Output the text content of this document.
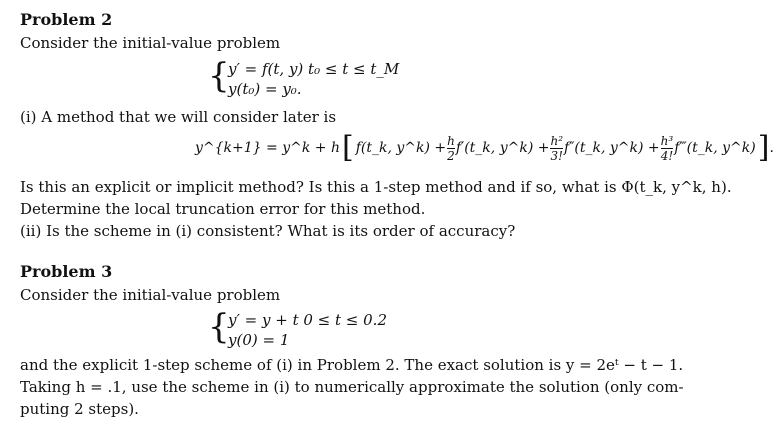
Problem 2
Consider the initial-value problem
{
y′ = f(t, y) t₀ ≤ t ≤ t_M
y(t₀) = y₀.
(i) A method that we will consider later is
y^{k+1} = y^k + h [ f(t_k, y^k) + $\frac{h}{2}$ f′(t_k, y^k) + $\frac{\text{h²}}{3!}$ f″(t_k, y^k) + $\frac{\text{h³}}{4!}$ f‴(t_k, y^k) ] .
Is this an explicit or implicit method? Is this a 1-step method and if so, what is Φ(t_k, y^k, h).
Determine the local truncation error for this method.
(ii) Is the scheme in (i) consistent? What is its order of accuracy?
Problem 3
Consider the initial-value problem
{
y′ = y + t 0 ≤ t ≤ 0.2
y(0) = 1
and the explicit 1-step scheme of (i) in Problem 2. The exact solution is y = 2eᵗ − t − 1.
Taking h = .1, use the scheme in (i) to numerically approximate the solution (only com-
puting 2 steps).
